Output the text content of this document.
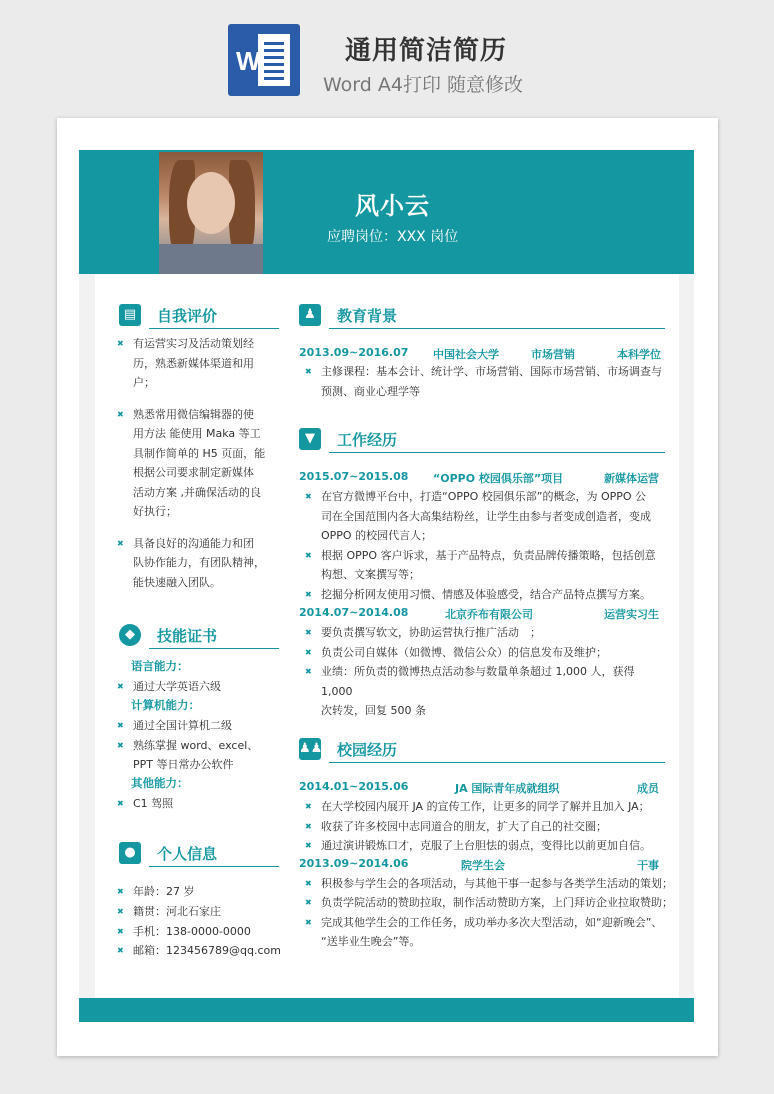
W	通用简洁简历
Word A4打印 随意修改
风小云
应聘岗位：XXX 岗位
▤	自我评价
◆	技能证书
语言能力：
●	个人信息
♟	教育背景
2013.09~2016.07 中国社会大学	市场营销	本科学位
✖ 主修课程：基本会计、统计学、市场营销、国际市场营销、市场调查与
预测、商业心理学等
▼	工作经历
♟♟ 校园经历
✖ 有运营实习及活动策划经
历，熟悉新媒体渠道和用
户；
✖ 熟悉常用微信编辑器的使
用方法 能使用 Maka 等工
具制作简单的 H5 页面，能
根据公司要求制定新媒体
活动方案 ,并确保活动的良
好执行；
✖ 具备良好的沟通能力和团
队协作能力，有团队精神，
能快速融入团队。
✖ 通过大学英语六级
计算机能力：
✖ 通过全国计算机二级
✖ 熟练掌握 word、excel、
PPT 等日常办公软件
其他能力：
✖ C1 驾照
✖ 年龄：27 岁
✖ 籍贯：河北石家庄
✖ 手机：138-0000-0000
✖ 邮箱：123456789@qq.com
2015.07~2015.08 “OPPO 校园俱乐部”项目	新媒体运营
✖ 在官方微博平台中，打造“OPPO 校园俱乐部”的概念，为 OPPO 公
司在全国范围内各大高集结粉丝，让学生由参与者变成创造者，变成
OPPO 的校园代言人；
✖ 根据 OPPO 客户诉求，基于产品特点，负责品牌传播策略，包括创意
构想、文案撰写等；
✖ 挖掘分析网友使用习惯、情感及体验感受，结合产品特点撰写方案。
2014.07~2014.08	北京乔布有限公司	运营实习生
✖ 要负责撰写软文，协助运营执行推广活动　；
✖ 负责公司自媒体（如微博、微信公众）的信息发布及维护；
✖ 业绩：所负责的微博热点活动参与数量单条超过 1,000 人，获得 1,000
次转发，回复 500 条
2014.01~2015.06	JA 国际青年成就组织	成员
✖ 在大学校园内展开 JA 的宣传工作，让更多的同学了解并且加入 JA；
✖ 收获了许多校园中志同道合的朋友，扩大了自己的社交圈；
✖ 通过演讲锻炼口才，克服了上台胆怯的弱点，变得比以前更加自信。
2013.09~2014.06	院学生会	干事
✖ 积极参与学生会的各项活动，与其他干事一起参与各类学生活动的策划；
✖ 负责学院活动的赞助拉取，制作活动赞助方案，上门拜访企业拉取赞助；
✖ 完成其他学生会的工作任务，成功举办多次大型活动，如“迎新晚会”、
“送毕业生晚会”等。
